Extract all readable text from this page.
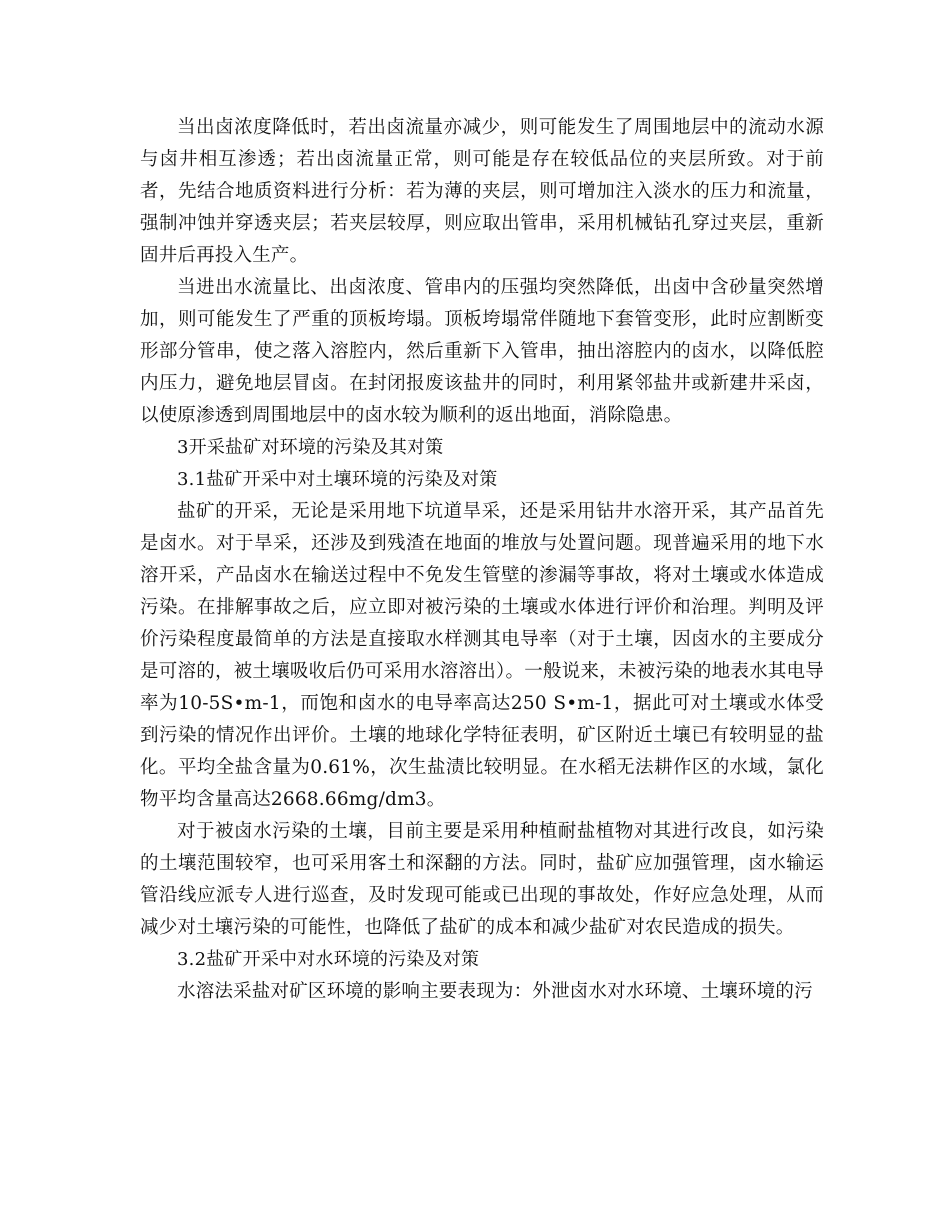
当出卤浓度降低时，若出卤流量亦减少，则可能发生了周围地层中的流动水源与卤井相互渗透；若出卤流量正常，则可能是存在较低品位的夹层所致。对于前者，先结合地质资料进行分析：若为薄的夹层，则可增加注入淡水的压力和流量，强制冲蚀并穿透夹层；若夹层较厚，则应取出管串，采用机械钻孔穿过夹层，重新固井后再投入生产。

当进出水流量比、出卤浓度、管串内的压强均突然降低，出卤中含砂量突然增加，则可能发生了严重的顶板垮塌。顶板垮塌常伴随地下套管变形，此时应割断变形部分管串，使之落入溶腔内，然后重新下入管串，抽出溶腔内的卤水，以降低腔内压力，避免地层冒卤。在封闭报废该盐井的同时，利用紧邻盐井或新建井采卤，以使原渗透到周围地层中的卤水较为顺利的返出地面，消除隐患。

3开采盐矿对环境的污染及其对策

3.1盐矿开采中对土壤环境的污染及对策

盐矿的开采，无论是采用地下坑道旱采，还是采用钻井水溶开采，其产品首先是卤水。对于旱采，还涉及到残渣在地面的堆放与处置问题。现普遍采用的地下水溶开采，产品卤水在输送过程中不免发生管壁的渗漏等事故，将对土壤或水体造成污染。在排解事故之后，应立即对被污染的土壤或水体进行评价和治理。判明及评价污染程度最简单的方法是直接取水样测其电导率（对于土壤，因卤水的主要成分是可溶的，被土壤吸收后仍可采用水溶溶出）。一般说来，未被污染的地表水其电导率为10-5S•m-1，而饱和卤水的电导率高达250 S•m-1，据此可对土壤或水体受到污染的情况作出评价。土壤的地球化学特征表明，矿区附近土壤已有较明显的盐化。平均全盐含量为0.61%，次生盐渍比较明显。在水稻无法耕作区的水域，氯化物平均含量高达2668.66mg/dm3。

对于被卤水污染的土壤，目前主要是采用种植耐盐植物对其进行改良，如污染的土壤范围较窄，也可采用客土和深翻的方法。同时，盐矿应加强管理，卤水输运管沿线应派专人进行巡查，及时发现可能或已出现的事故处，作好应急处理，从而减少对土壤污染的可能性，也降低了盐矿的成本和减少盐矿对农民造成的损失。

3.2盐矿开采中对水环境的污染及对策

水溶法采盐对矿区环境的影响主要表现为：外泄卤水对水环境、土壤环境的污
